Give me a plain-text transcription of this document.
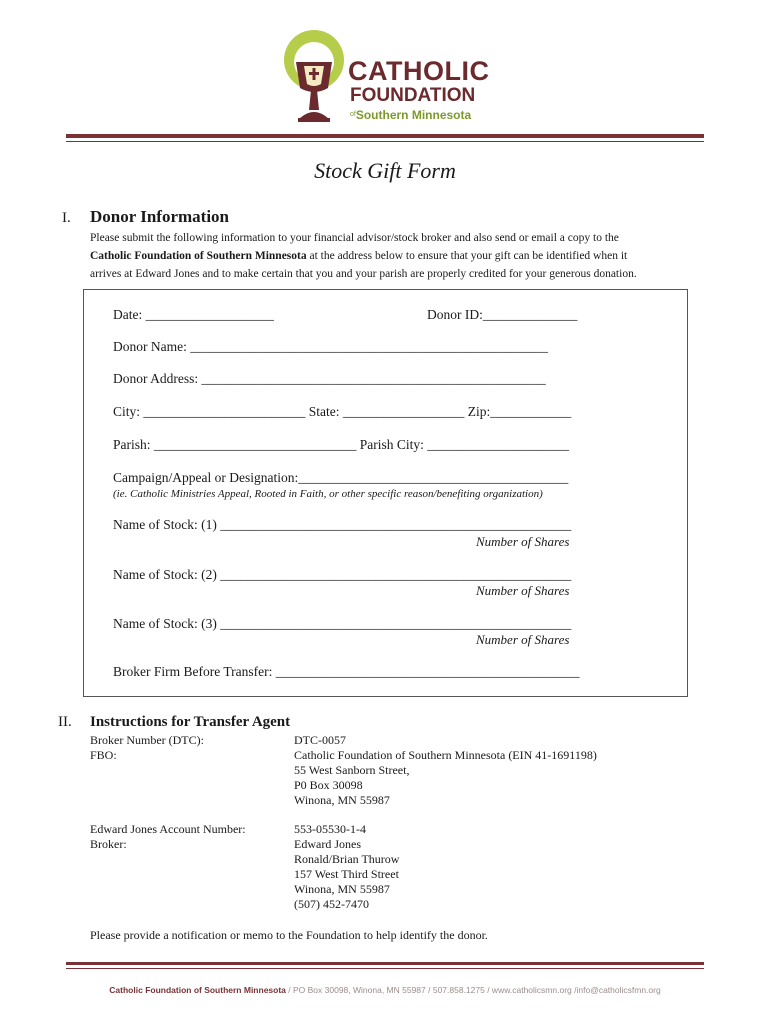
CATHOLIC
FOUNDATION
$^{of}$Southern Minnesota
Stock Gift Form
I. Donor Information
Please submit the following information to your financial advisor/stock broker and also send or email a copy to the
Catholic Foundation of Southern Minnesota at the address below to ensure that your gift can be identified when it
arrives at Edward Jones and to make certain that you and your parish are properly credited for your generous donation.
Date: ___________________	Donor ID:______________
Donor Name: _____________________________________________________
Donor Address: ___________________________________________________
City: ________________________ State: __________________ Zip:____________
Parish: ______________________________ Parish City: _____________________
Campaign/Appeal or Designation:________________________________________
(ie. Catholic Ministries Appeal, Rooted in Faith, or other specific reason/benefiting organization)
Name of Stock: (1) ____________________________________________________
Number of Shares
Name of Stock: (2) ____________________________________________________
Number of Shares
Name of Stock: (3) ____________________________________________________
Number of Shares
Broker Firm Before Transfer: _____________________________________________
II. Instructions for Transfer Agent
Broker Number (DTC):
FBO:
DTC-0057
Catholic Foundation of Southern Minnesota (EIN 41-1691198)
55 West Sanborn Street,
P0 Box 30098
Winona, MN 55987
Edward Jones Account Number:
Broker:
553-05530-1-4
Edward Jones
Ronald/Brian Thurow
157 West Third Street
Winona, MN 55987
(507) 452-7470
Please provide a notification or memo to the Foundation to help identify the donor.
Catholic Foundation of Southern Minnesota / PO Box 30098, Winona, MN 55987 / 507.858.1275 / www.catholicsmn.org /info@catholicsfmn.org
